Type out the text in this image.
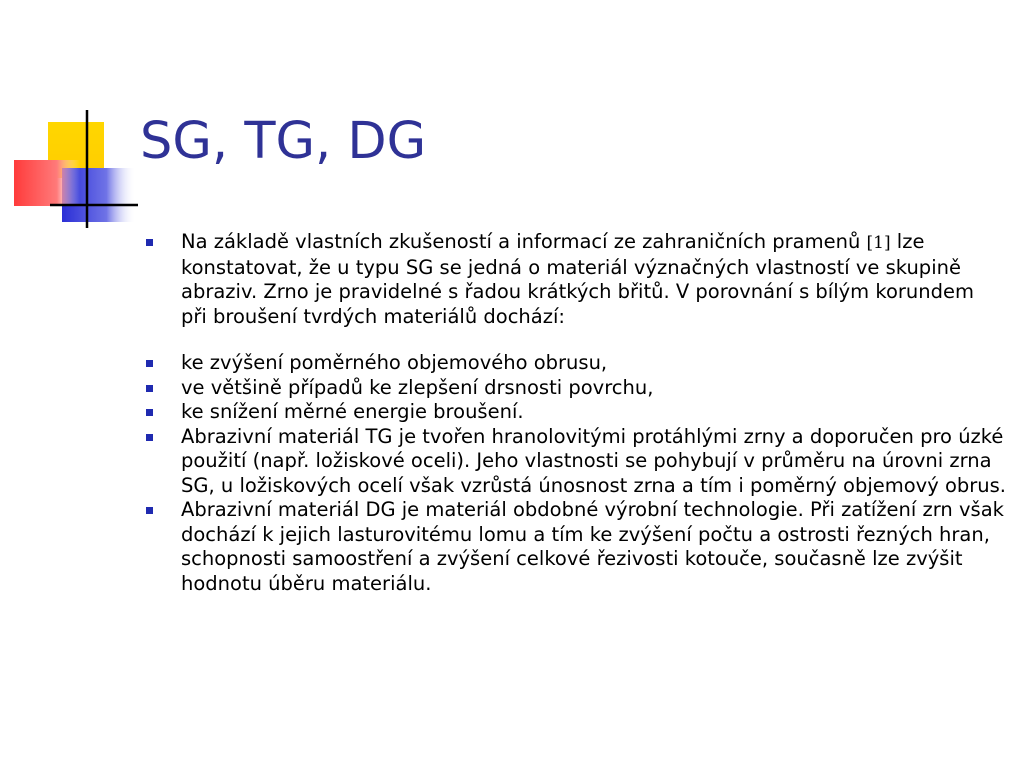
SG, TG, DG
Na základě vlastních zkušeností a informací ze zahraničních pramenů [1] lze konstatovat, že u typu SG se jedná o materiál význačných vlastností ve skupině abraziv. Zrno je pravidelné s řadou krátkých břitů. V porovnání s bílým korundem při broušení tvrdých materiálů dochází:
ke zvýšení poměrného objemového obrusu,
ve většině případů ke zlepšení drsnosti povrchu,
ke snížení měrné energie broušení.
Abrazivní materiál TG je tvořen hranolovitými protáhlými zrny a doporučen pro úzké použití (např. ložiskové oceli). Jeho vlastnosti se pohybují v průměru na úrovni zrna SG, u ložiskových ocelí však vzrůstá únosnost zrna a tím i poměrný objemový obrus.
Abrazivní materiál DG je materiál obdobné výrobní technologie. Při zatížení zrn však dochází k jejich lasturovitému lomu a tím ke zvýšení počtu a ostrosti řezných hran, schopnosti samoostření a zvýšení celkové řezivosti kotouče, současně lze zvýšit hodnotu úběru materiálu.
